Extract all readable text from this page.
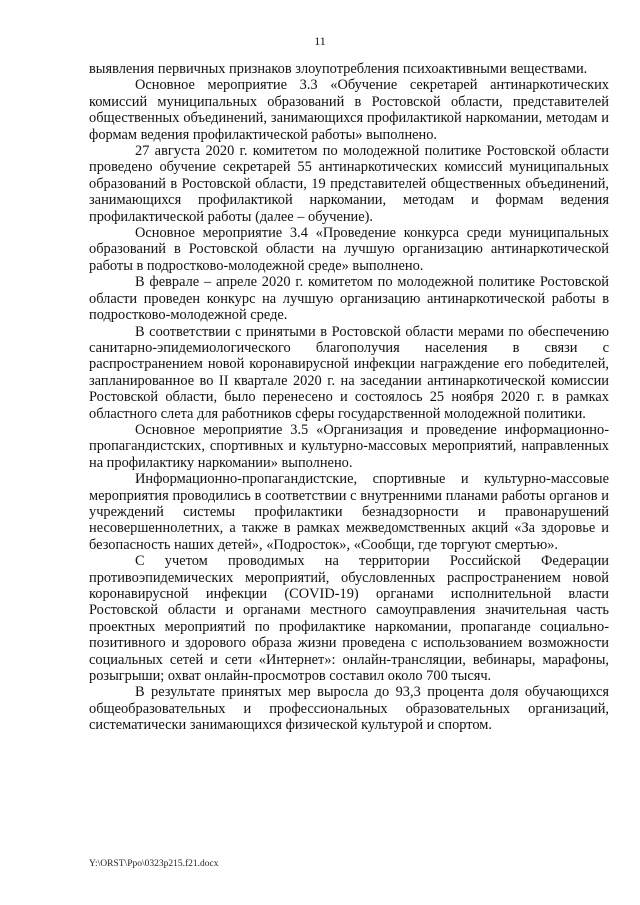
11

выявления первичных признаков злоупотребления психоактивными веществами.

Основное мероприятие 3.3 «Обучение секретарей антинаркотических комиссий муниципальных образований в Ростовской области, представителей общественных объединений, занимающихся профилактикой наркомании, методам и формам ведения профилактической работы» выполнено.

27 августа 2020 г. комитетом по молодежной политике Ростовской области проведено обучение секретарей 55 антинаркотических комиссий муниципальных образований в Ростовской области, 19 представителей общественных объединений, занимающихся профилактикой наркомании, методам и формам ведения профилактической работы (далее – обучение).

Основное мероприятие 3.4 «Проведение конкурса среди муниципальных образований в Ростовской области на лучшую организацию антинаркотической работы в подростково-молодежной среде» выполнено.

В феврале – апреле 2020 г. комитетом по молодежной политике Ростовской области проведен конкурс на лучшую организацию антинаркотической работы в подростково-молодежной среде.

В соответствии с принятыми в Ростовской области мерами по обеспечению санитарно-эпидемиологического благополучия населения в связи с распространением новой коронавирусной инфекции награждение его победителей, запланированное во II квартале 2020 г. на заседании антинаркотической комиссии Ростовской области, было перенесено и состоялось 25 ноября 2020 г. в рамках областного слета для работников сферы государственной молодежной политики.

Основное мероприятие 3.5 «Организация и проведение информационно-пропагандистских, спортивных и культурно-массовых мероприятий, направленных на профилактику наркомании» выполнено.

Информационно-пропагандистские, спортивные и культурно-массовые мероприятия проводились в соответствии с внутренними планами работы органов и учреждений системы профилактики безнадзорности и правонарушений несовершеннолетних, а также в рамках межведомственных акций «За здоровье и безопасность наших детей», «Подросток», «Сообщи, где торгуют смертью».

С учетом проводимых на территории Российской Федерации противоэпидемических мероприятий, обусловленных распространением новой коронавирусной инфекции (COVID-19) органами исполнительной власти Ростовской области и органами местного самоуправления значительная часть проектных мероприятий по профилактике наркомании, пропаганде социально-позитивного и здорового образа жизни проведена с использованием возможности социальных сетей и сети «Интернет»: онлайн-трансляции, вебинары, марафоны, розыгрыши; охват онлайн-просмотров составил около 700 тысяч.

В результате принятых мер выросла до 93,3 процента доля обучающихся общеобразовательных и профессиональных образовательных организаций, систематически занимающихся физической культурой и спортом.

Y:\ORST\Ppo\0323p215.f21.docx
